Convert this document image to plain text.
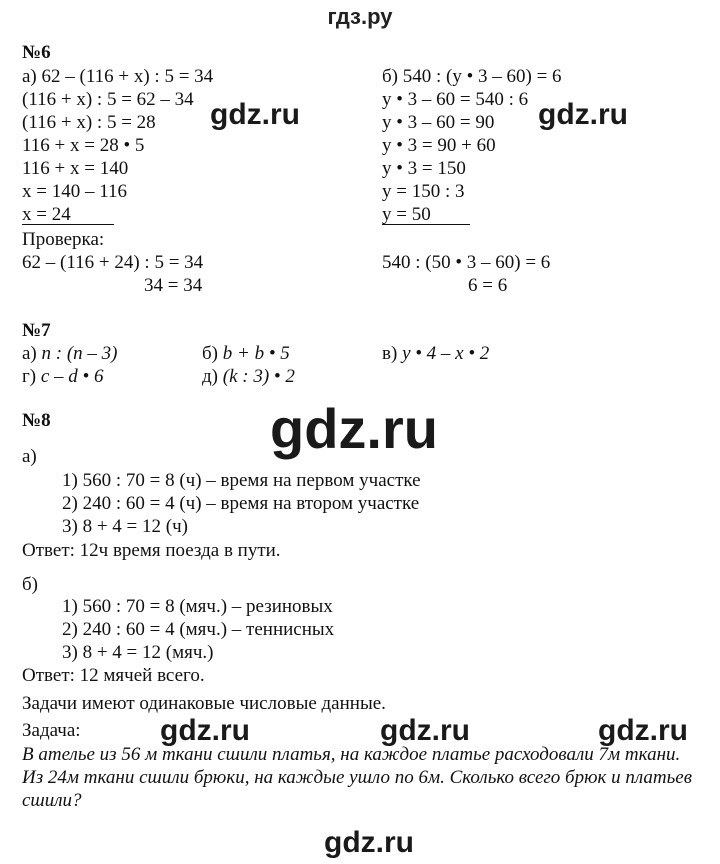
гдз.ру
№6
а) 62 – (116 + x) : 5 = 34
(116 + x) : 5 = 62 – 34
(116 + x) : 5 = 28
116 + x = 28 • 5
116 + x = 140
x = 140 – 116
x = 24
Проверка:
62 – (116 + 24) : 5 = 34
34 = 34
б) 540 : (y • 3 – 60) = 6
y • 3 – 60 = 540 : 6
y • 3 – 60 = 90
y • 3 = 90 + 60
y • 3 = 150
y = 150 : 3
y = 50
540 : (50 • 3 – 60) = 6
6 = 6
№7
а) n : (n – 3)	б) b + b • 5	в) y • 4 – x • 2
г) c – d • 6	д) (k : 3) • 2
№8
а)
1) 560 : 70 = 8 (ч) – время на первом участке
2) 240 : 60 = 4 (ч) – время на втором участке
3) 8 + 4 = 12 (ч)
Ответ: 12ч время поезда в пути.
б)
1) 560 : 70 = 8 (мяч.) – резиновых
2) 240 : 60 = 4 (мяч.) – теннисных
3) 8 + 4 = 12 (мяч.)
Ответ: 12 мячей всего.
Задачи имеют одинаковые числовые данные.
Задача:
В ателье из 56 м ткани сшили платья, на каждое платье расходовали 7м ткани. Из 24м ткани сшили брюки, на каждые ушло по 6м. Сколько всего брюк и платьев сшили?
gdz.ru	gdz.ru
gdz.ru
gdz.ru	gdz.ru	gdz.ru
gdz.ru
